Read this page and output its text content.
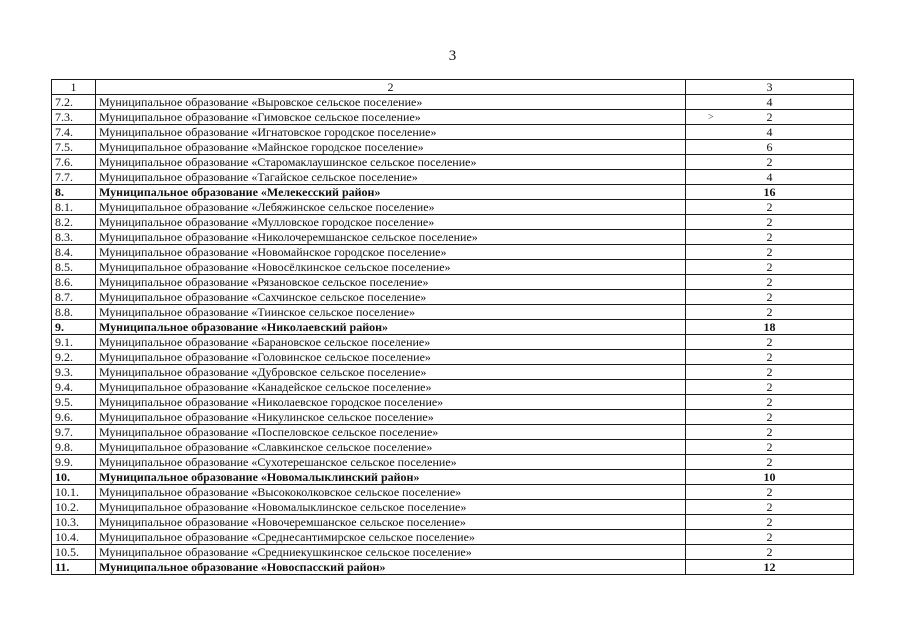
3
1	2	3
7.2.	Муниципальное образование «Выровское сельское поселение»	4
7.3.	Муниципальное образование «Гимовское сельское поселение»	2
7.4.	Муниципальное образование «Игнатовское городское поселение»	4
7.5.	Муниципальное образование «Майнское городское поселение»	6
7.6.	Муниципальное образование «Старомаклаушинское сельское поселение»	2
7.7.	Муниципальное образование «Тагайское сельское поселение»	4
8.	Муниципальное образование «Мелекесский район»	16
8.1.	Муниципальное образование «Лебяжинское сельское поселение»	2
8.2.	Муниципальное образование «Мулловское городское поселение»	2
8.3.	Муниципальное образование «Николочеремшанское сельское поселение»	2
8.4.	Муниципальное образование «Новомайнское городское поселение»	2
8.5.	Муниципальное образование «Новосёлкинское сельское поселение»	2
8.6.	Муниципальное образование «Рязановское сельское поселение»	2
8.7.	Муниципальное образование «Сахчинское сельское поселение»	2
8.8.	Муниципальное образование «Тиинское сельское поселение»	2
9.	Муниципальное образование «Николаевский район»	18
9.1.	Муниципальное образование «Барановское сельское поселение»	2
9.2.	Муниципальное образование «Головинское сельское поселение»	2
9.3.	Муниципальное образование «Дубровское сельское поселение»	2
9.4.	Муниципальное образование «Канадейское сельское поселение»	2
9.5.	Муниципальное образование «Николаевское городское поселение»	2
9.6.	Муниципальное образование «Никулинское сельское поселение»	2
9.7.	Муниципальное образование «Поспеловское сельское поселение»	2
9.8.	Муниципальное образование «Славкинское сельское поселение»	2
9.9.	Муниципальное образование «Сухотерешанское сельское поселение»	2
10.	Муниципальное образование «Новомалыклинский район»	10
10.1.	Муниципальное образование «Высококолковское сельское поселение»	2
10.2.	Муниципальное образование «Новомалыклинское сельское поселение»	2
10.3.	Муниципальное образование «Новочеремшанское сельское поселение»	2
10.4.	Муниципальное образование «Среднесантимирское сельское поселение»	2
10.5.	Муниципальное образование «Средниекушкинское сельское поселение»	2
11.	Муниципальное образование «Новоспасский район»	12
>
